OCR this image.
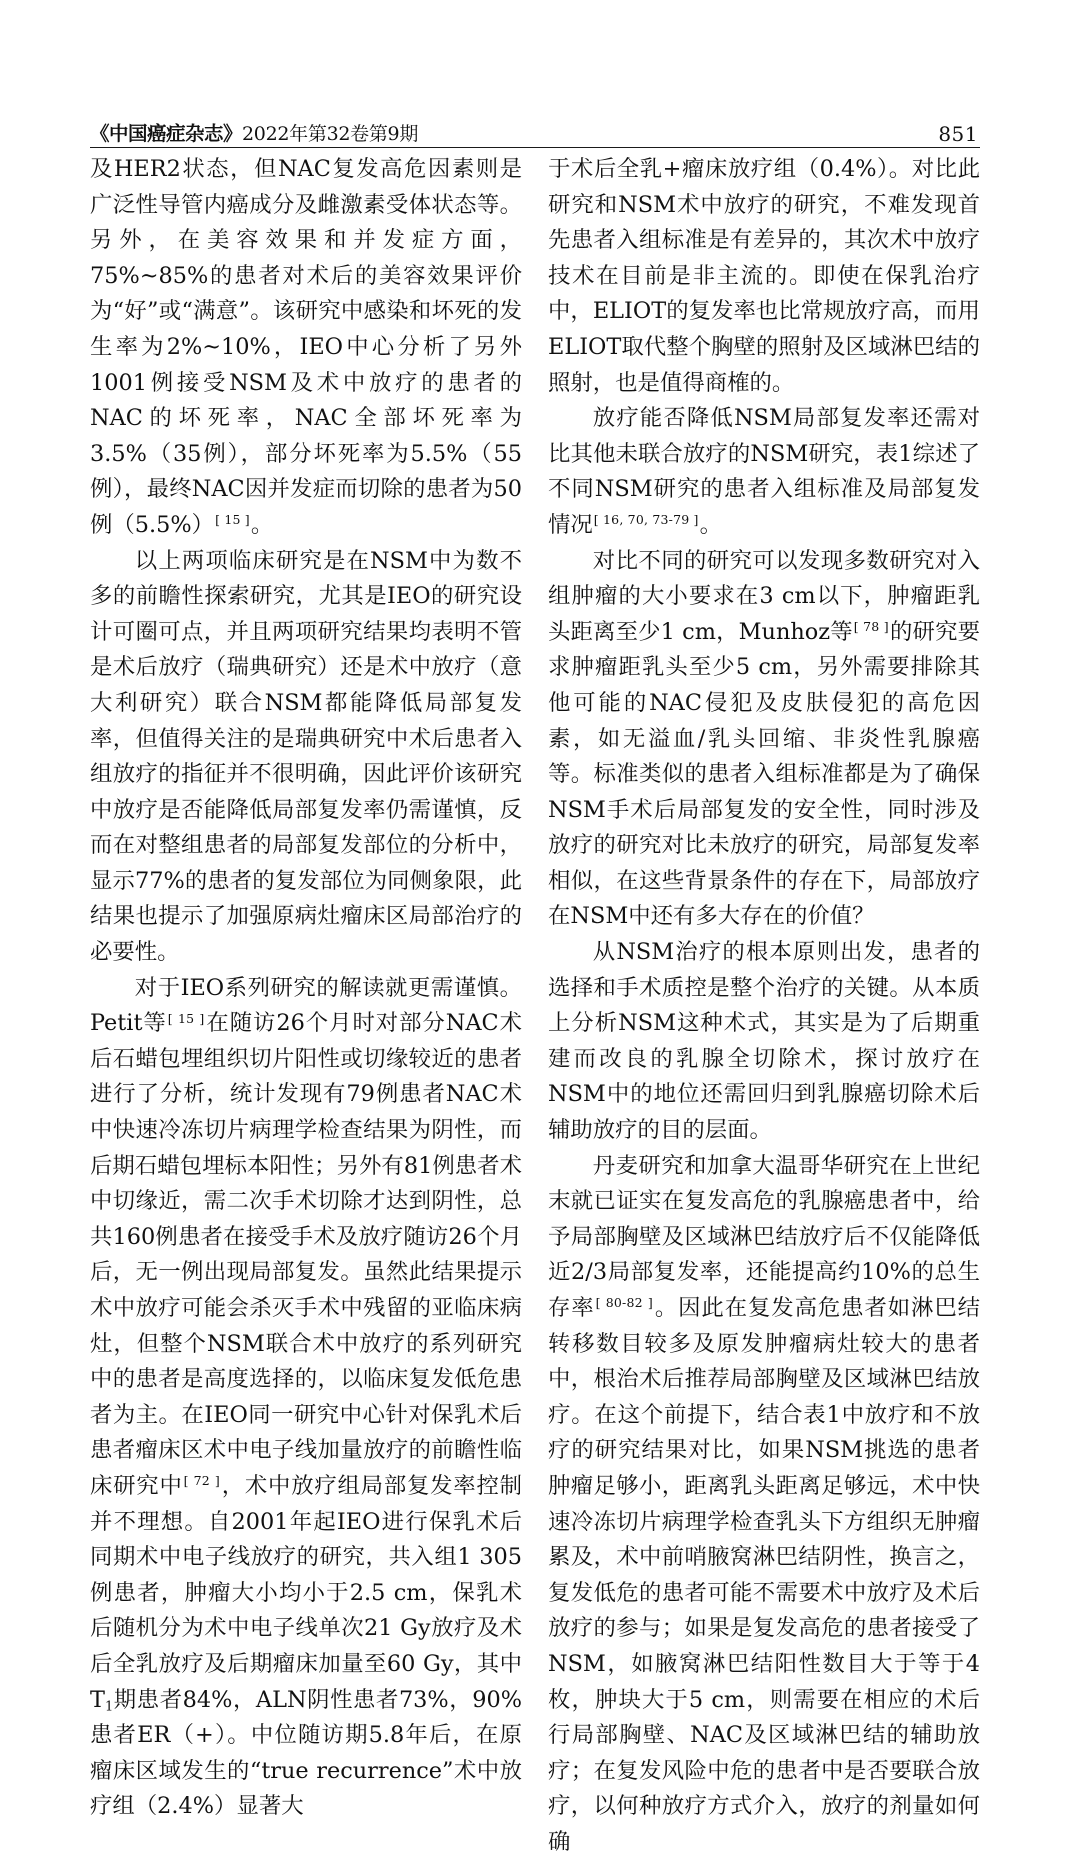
《中国癌症杂志》2022年第32卷第9期	851

及HER2状态，但NAC复发高危因素则是广泛性导管内癌成分及雌激素受体状态等。另外，在美容效果和并发症方面，75%~85%的患者对术后的美容效果评价为“好”或“满意”。该研究中感染和坏死的发生率为2%~10%，IEO中心分析了另外1001例接受NSM及术中放疗的患者的NAC的坏死率，NAC全部坏死率为3.5%（35例），部分坏死率为5.5%（55例），最终NAC因并发症而切除的患者为50例（5.5%）[ 15 ]。

以上两项临床研究是在NSM中为数不多的前瞻性探索研究，尤其是IEO的研究设计可圈可点，并且两项研究结果均表明不管是术后放疗（瑞典研究）还是术中放疗（意大利研究）联合NSM都能降低局部复发率，但值得关注的是瑞典研究中术后患者入组放疗的指征并不很明确，因此评价该研究中放疗是否能降低局部复发率仍需谨慎，反而在对整组患者的局部复发部位的分析中，显示77%的患者的复发部位为同侧象限，此结果也提示了加强原病灶瘤床区局部治疗的必要性。

对于IEO系列研究的解读就更需谨慎。Petit等[ 15 ]在随访26个月时对部分NAC术后石蜡包埋组织切片阳性或切缘较近的患者进行了分析，统计发现有79例患者NAC术中快速冷冻切片病理学检查结果为阴性，而后期石蜡包埋标本阳性；另外有81例患者术中切缘近，需二次手术切除才达到阴性，总共160例患者在接受手术及放疗随访26个月后，无一例出现局部复发。虽然此结果提示术中放疗可能会杀灭手术中残留的亚临床病灶，但整个NSM联合术中放疗的系列研究中的患者是高度选择的，以临床复发低危患者为主。在IEO同一研究中心针对保乳术后患者瘤床区术中电子线加量放疗的前瞻性临床研究中[ 72 ]，术中放疗组局部复发率控制并不理想。自2001年起IEO进行保乳术后同期术中电子线放疗的研究，共入组1 305例患者，肿瘤大小均小于2.5 cm，保乳术后随机分为术中电子线单次21 Gy放疗及术后全乳放疗及后期瘤床加量至60 Gy，其中$T_1$期患者84%，ALN阴性患者73%，90%患者ER（+）。中位随访期5.8年后，在原瘤床区域发生的“true recurrence”术中放疗组（2.4%）显著大

于术后全乳+瘤床放疗组（0.4%）。对比此研究和NSM术中放疗的研究，不难发现首先患者入组标准是有差异的，其次术中放疗技术在目前是非主流的。即使在保乳治疗中，ELIOT的复发率也比常规放疗高，而用ELIOT取代整个胸壁的照射及区域淋巴结的照射，也是值得商榷的。

放疗能否降低NSM局部复发率还需对比其他未联合放疗的NSM研究，表1综述了不同NSM研究的患者入组标准及局部复发情况[ 16, 70, 73-79 ]。

对比不同的研究可以发现多数研究对入组肿瘤的大小要求在3 cm以下，肿瘤距乳头距离至少1 cm，Munhoz等[ 78 ]的研究要求肿瘤距乳头至少5 cm，另外需要排除其他可能的NAC侵犯及皮肤侵犯的高危因素，如无溢血/乳头回缩、非炎性乳腺癌等。标准类似的患者入组标准都是为了确保NSM手术后局部复发的安全性，同时涉及放疗的研究对比未放疗的研究，局部复发率相似，在这些背景条件的存在下，局部放疗在NSM中还有多大存在的价值？

从NSM治疗的根本原则出发，患者的选择和手术质控是整个治疗的关键。从本质上分析NSM这种术式，其实是为了后期重建而改良的乳腺全切除术，探讨放疗在NSM中的地位还需回归到乳腺癌切除术后辅助放疗的目的层面。

丹麦研究和加拿大温哥华研究在上世纪末就已证实在复发高危的乳腺癌患者中，给予局部胸壁及区域淋巴结放疗后不仅能降低近2/3局部复发率，还能提高约10%的总生存率[ 80-82 ]。因此在复发高危患者如淋巴结转移数目较多及原发肿瘤病灶较大的患者中，根治术后推荐局部胸壁及区域淋巴结放疗。在这个前提下，结合表1中放疗和不放疗的研究结果对比，如果NSM挑选的患者肿瘤足够小，距离乳头距离足够远，术中快速冷冻切片病理学检查乳头下方组织无肿瘤累及，术中前哨腋窝淋巴结阴性，换言之，复发低危的患者可能不需要术中放疗及术后放疗的参与；如果是复发高危的患者接受了NSM，如腋窝淋巴结阳性数目大于等于4枚，肿块大于5 cm，则需要在相应的术后行局部胸壁、NAC及区域淋巴结的辅助放疗；在复发风险中危的患者中是否要联合放疗，以何种放疗方式介入，放疗的剂量如何确
